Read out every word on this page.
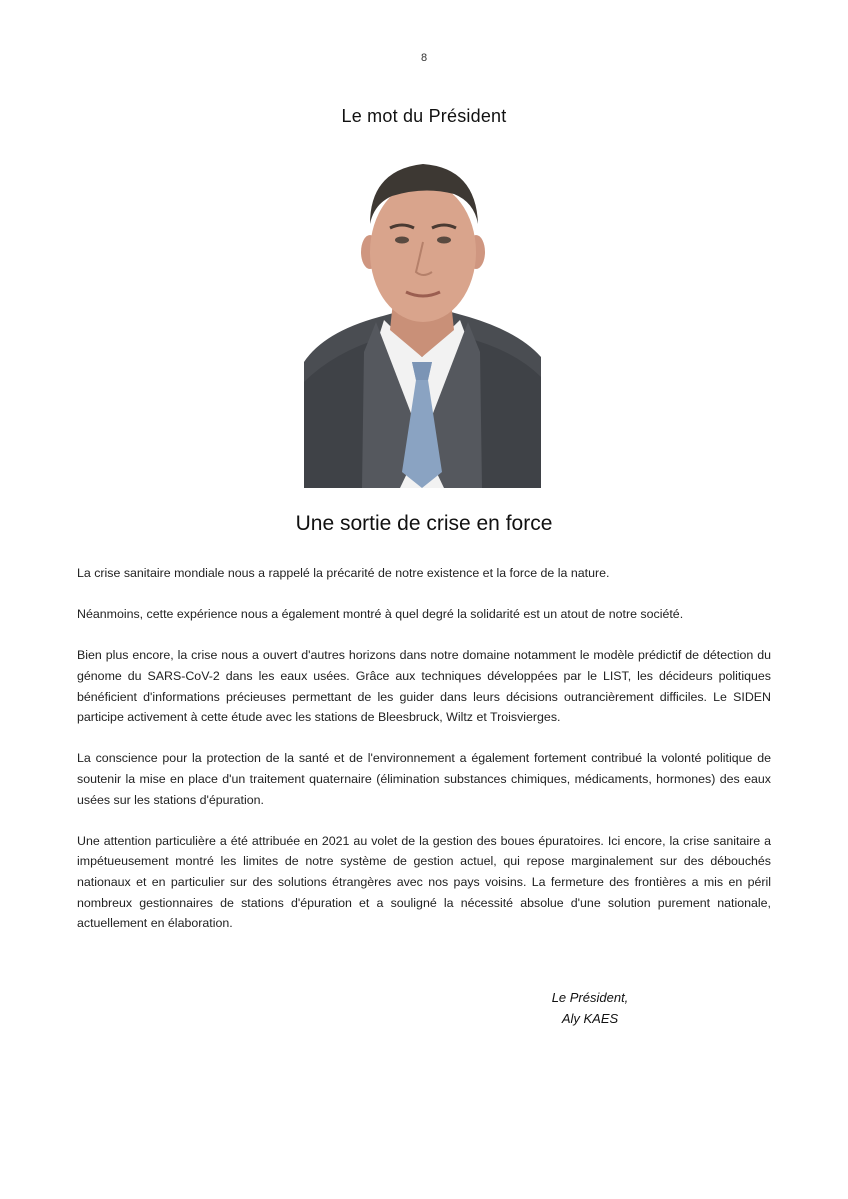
8
Le mot du Président
Une sortie de crise en force

La crise sanitaire mondiale nous a rappelé la précarité de notre existence et la force de la nature.

Néanmoins, cette expérience nous a également montré à quel degré la solidarité est un atout de notre société.

Bien plus encore, la crise nous a ouvert d'autres horizons dans notre domaine notamment le modèle prédictif de détection du génome du SARS-CoV-2 dans les eaux usées. Grâce aux techniques développées par le LIST, les décideurs politiques bénéficient d'informations précieuses permettant de les guider dans leurs décisions outrancièrement difficiles. Le SIDEN participe activement à cette étude avec les stations de Bleesbruck, Wiltz et Troisvierges.

La conscience pour la protection de la santé et de l'environnement a également fortement contribué la volonté politique de soutenir la mise en place d'un traitement quaternaire (élimination substances chimiques, médicaments, hormones) des eaux usées sur les stations d'épuration.

Une attention particulière a été attribuée en 2021 au volet de la gestion des boues épuratoires. Ici encore, la crise sanitaire a impétueusement montré les limites de notre système de gestion actuel, qui repose marginalement sur des débouchés nationaux et en particulier sur des solutions étrangères avec nos pays voisins. La fermeture des frontières a mis en péril nombreux gestionnaires de stations d'épuration et a souligné la nécessité absolue d'une solution purement nationale, actuellement en élaboration.

Le Président,
Aly KAES
